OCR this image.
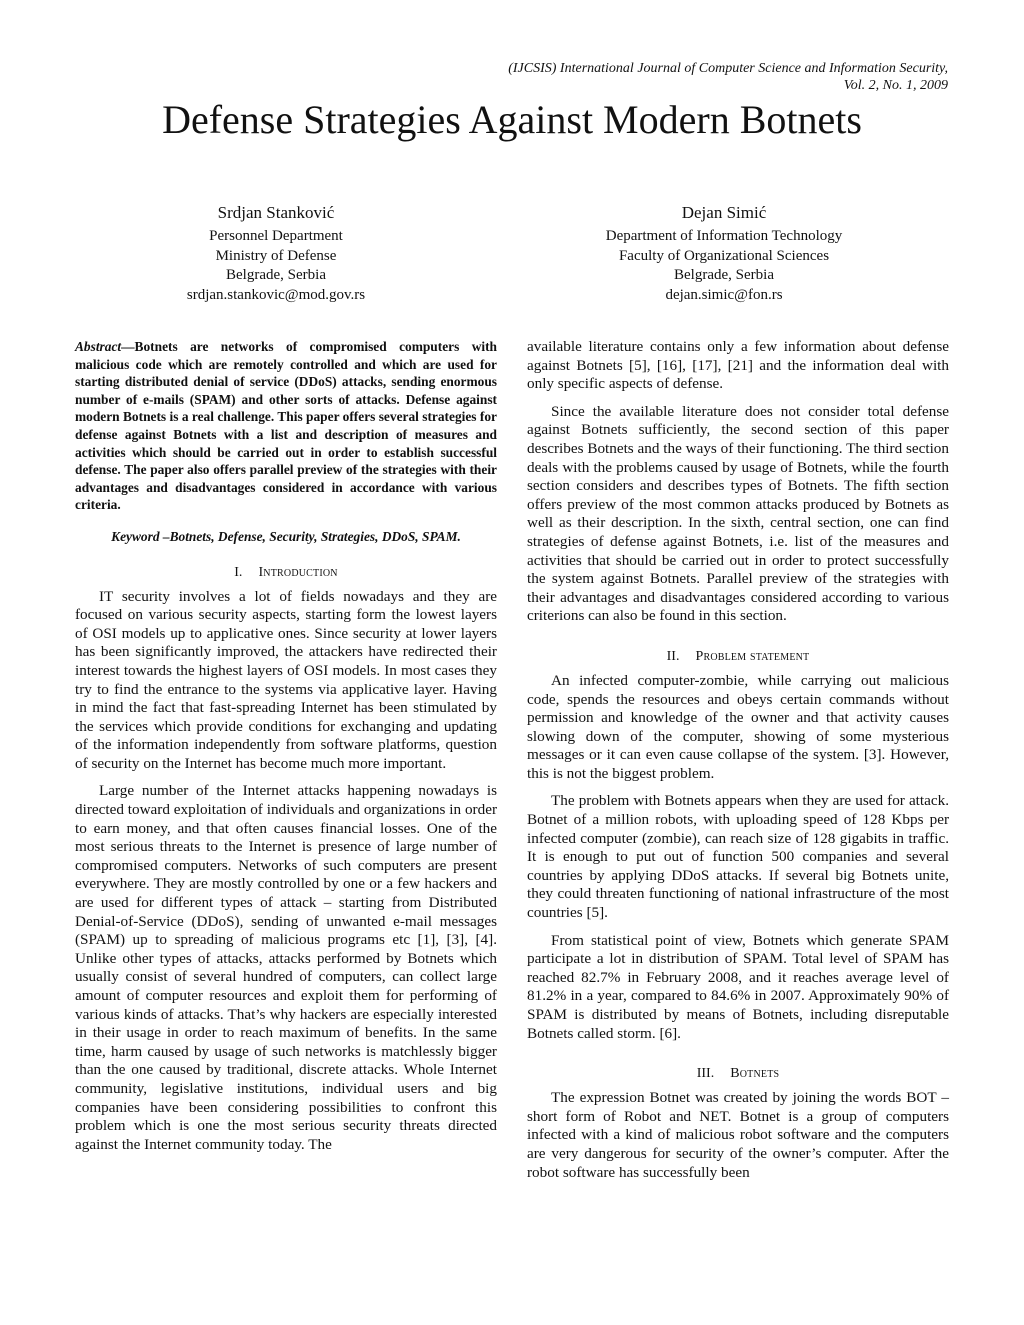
(IJCSIS) International Journal of Computer Science and Information Security,
Vol. 2, No. 1, 2009
Defense Strategies Against Modern Botnets
Srdjan Stanković
Personnel Department
Ministry of Defense
Belgrade, Serbia
srdjan.stankovic@mod.gov.rs
Dejan Simić
Department of Information Technology
Faculty of Organizational Sciences
Belgrade, Serbia
dejan.simic@fon.rs

Abstract—Botnets are networks of compromised computers with malicious code which are remotely controlled and which are used for starting distributed denial of service (DDoS) attacks, sending enormous number of e-mails (SPAM) and other sorts of attacks. Defense against modern Botnets is a real challenge. This paper offers several strategies for defense against Botnets with a list and description of measures and activities which should be carried out in order to establish successful defense. The paper also offers parallel preview of the strategies with their advantages and disadvantages considered in accordance with various criteria.

Keyword –Botnets, Defense, Security, Strategies, DDoS, SPAM.

I. Introduction

IT security involves a lot of fields nowadays and they are focused on various security aspects, starting form the lowest layers of OSI models up to applicative ones. Since security at lower layers has been significantly improved, the attackers have redirected their interest towards the highest layers of OSI models. In most cases they try to find the entrance to the systems via applicative layer. Having in mind the fact that fast-spreading Internet has been stimulated by the services which provide conditions for exchanging and updating of the information independently from software platforms, question of security on the Internet has become much more important.

Large number of the Internet attacks happening nowadays is directed toward exploitation of individuals and organizations in order to earn money, and that often causes financial losses. One of the most serious threats to the Internet is presence of large number of compromised computers. Networks of such computers are present everywhere. They are mostly controlled by one or a few hackers and are used for different types of attack – starting from Distributed Denial-of-Service (DDoS), sending of unwanted e-mail messages (SPAM) up to spreading of malicious programs etc [1], [3], [4]. Unlike other types of attacks, attacks performed by Botnets which usually consist of several hundred of computers, can collect large amount of computer resources and exploit them for performing of various kinds of attacks. That’s why hackers are especially interested in their usage in order to reach maximum of benefits. In the same time, harm caused by usage of such networks is matchlessly bigger than the one caused by traditional, discrete attacks. Whole Internet community, legislative institutions, individual users and big companies have been considering possibilities to confront this problem which is one the most serious security threats directed against the Internet community today. The

available literature contains only a few information about defense against Botnets [5], [16], [17], [21] and the information deal with only specific aspects of defense.

Since the available literature does not consider total defense against Botnets sufficiently, the second section of this paper describes Botnets and the ways of their functioning. The third section deals with the problems caused by usage of Botnets, while the fourth section considers and describes types of Botnets. The fifth section offers preview of the most common attacks produced by Botnets as well as their description. In the sixth, central section, one can find strategies of defense against Botnets, i.e. list of the measures and activities that should be carried out in order to protect successfully the system against Botnets. Parallel preview of the strategies with their advantages and disadvantages considered according to various criterions can also be found in this section.

II. Problem statement

An infected computer-zombie, while carrying out malicious code, spends the resources and obeys certain commands without permission and knowledge of the owner and that activity causes slowing down of the computer, showing of some mysterious messages or it can even cause collapse of the system. [3]. However, this is not the biggest problem.

The problem with Botnets appears when they are used for attack. Botnet of a million robots, with uploading speed of 128 Kbps per infected computer (zombie), can reach size of 128 gigabits in traffic. It is enough to put out of function 500 companies and several countries by applying DDoS attacks. If several big Botnets unite, they could threaten functioning of national infrastructure of the most countries [5].

From statistical point of view, Botnets which generate SPAM participate a lot in distribution of SPAM. Total level of SPAM has reached 82.7% in February 2008, and it reaches average level of 81.2% in a year, compared to 84.6% in 2007. Approximately 90% of SPAM is distributed by means of Botnets, including disreputable Botnets called storm. [6].

III. Botnets

The expression Botnet was created by joining the words BOT –short form of Robot and NET. Botnet is a group of computers infected with a kind of malicious robot software and the computers are very dangerous for security of the owner’s computer. After the robot software has successfully been
